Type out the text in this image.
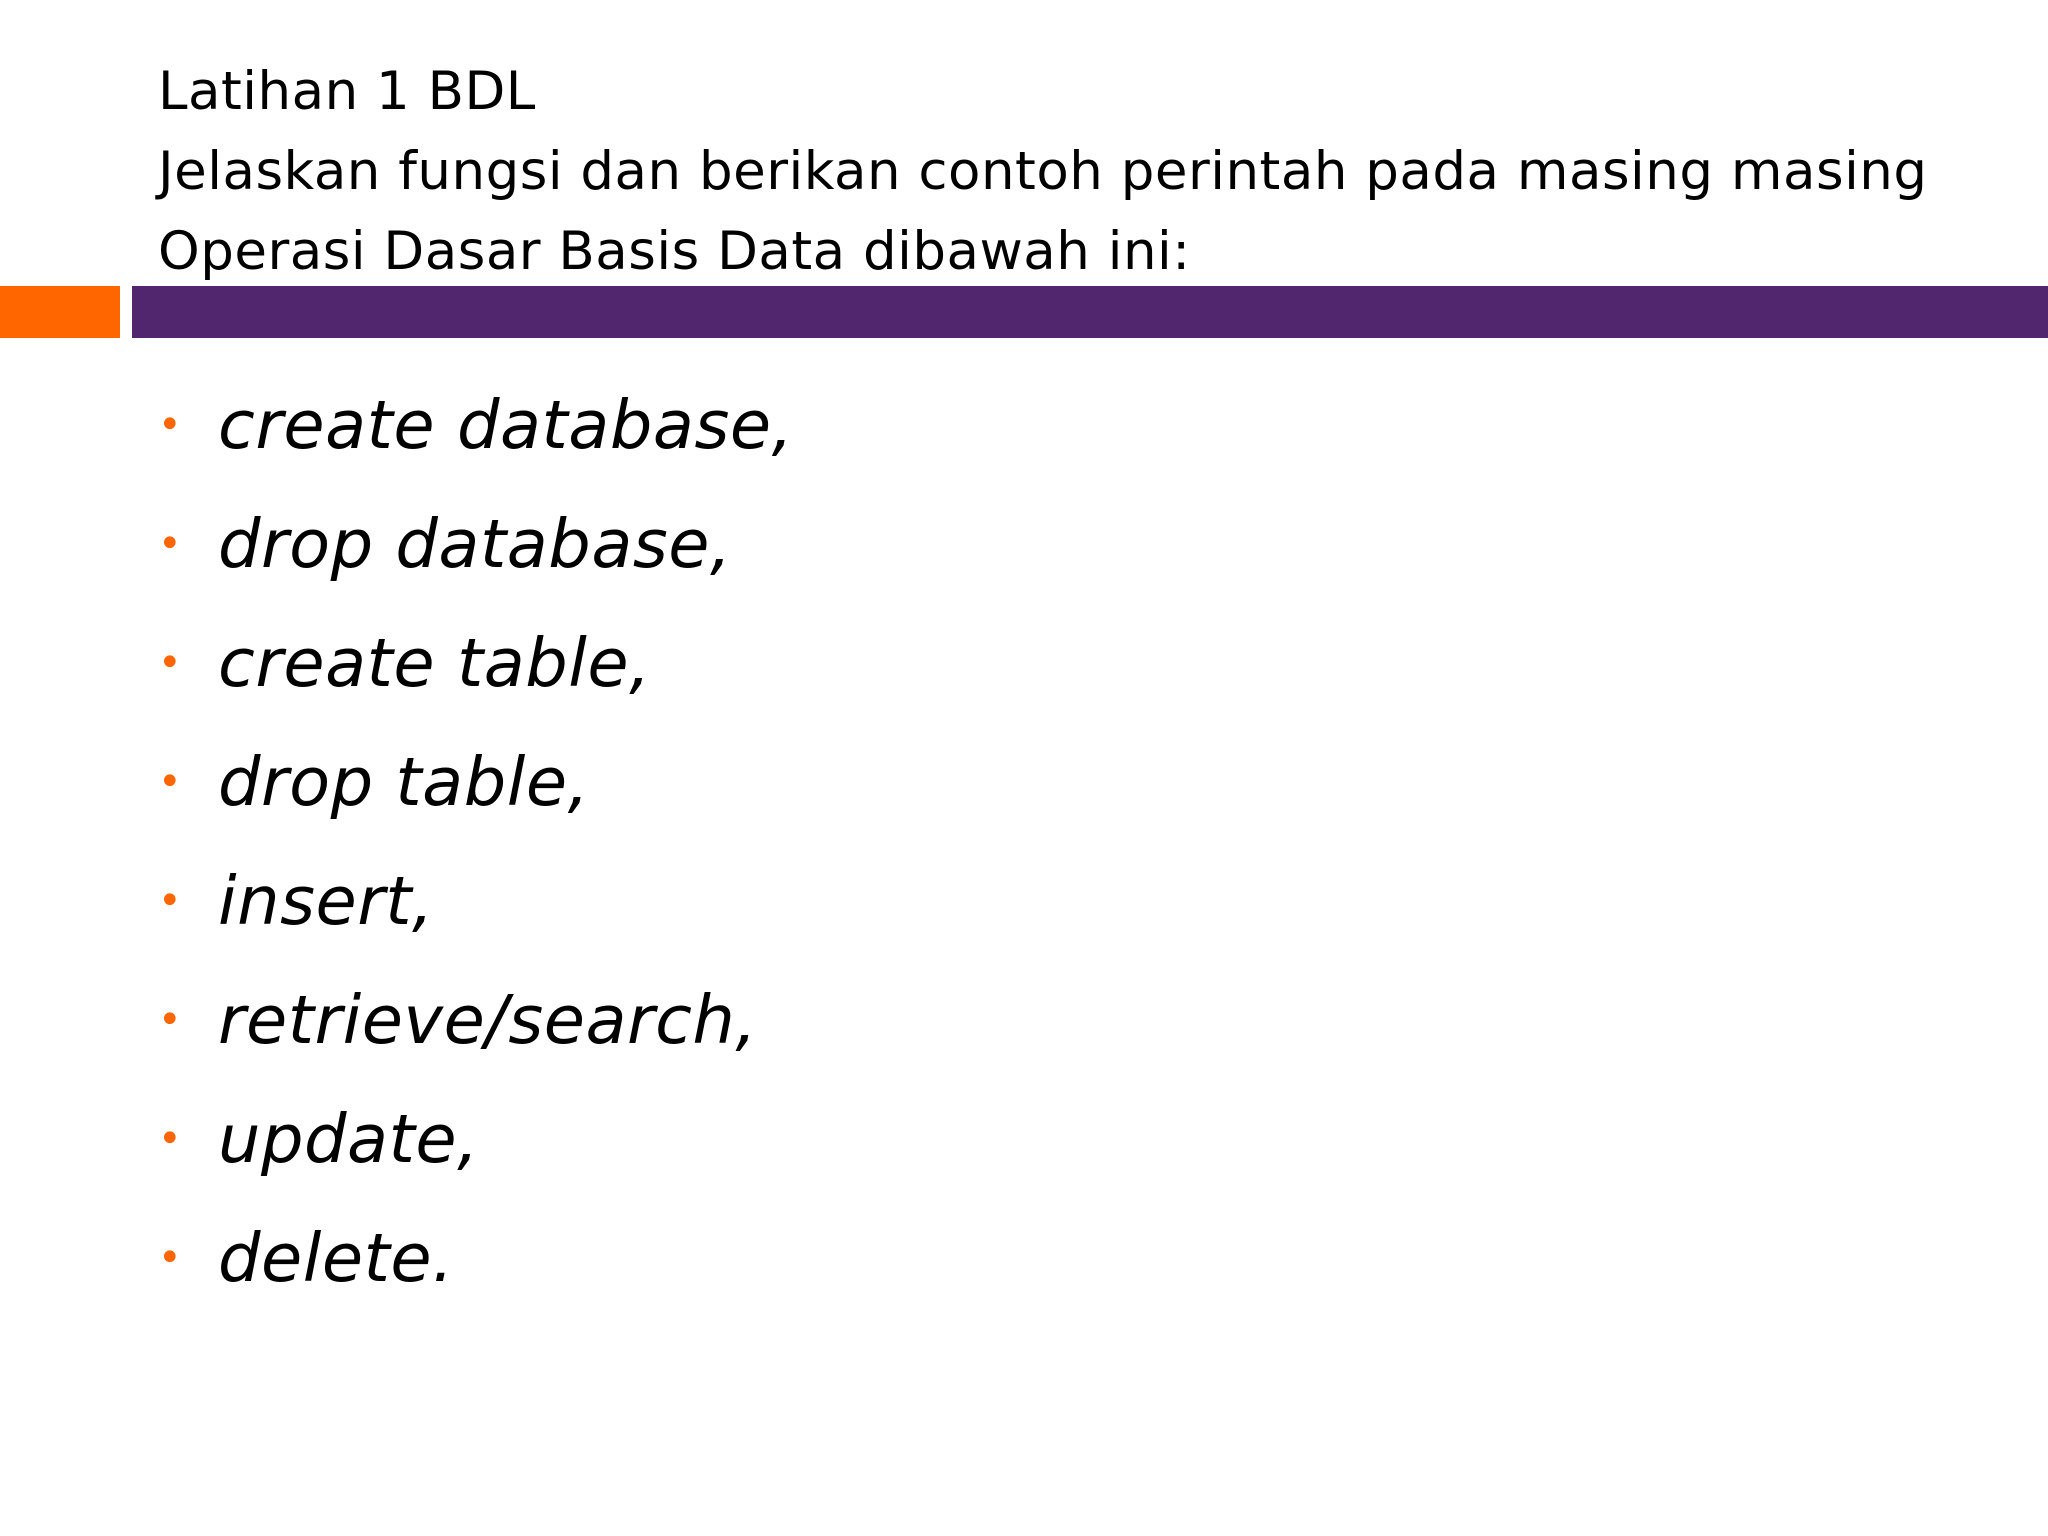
Latihan 1 BDL
Jelaskan fungsi dan berikan contoh perintah pada masing masing
Operasi Dasar Basis Data dibawah ini:
• create database,
• drop database,
• create table,
• drop table,
• insert,
• retrieve/search,
• update,
• delete.
